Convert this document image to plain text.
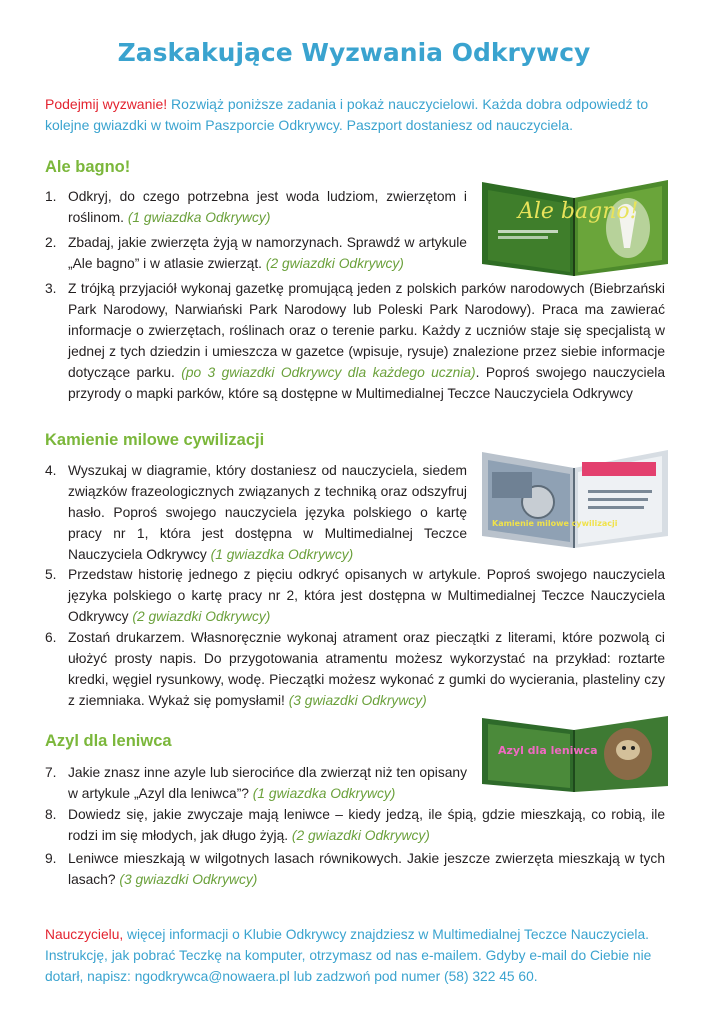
Zaskakujące Wyzwania Odkrywcy

Podejmij wyzwanie! Rozwiąż poniższe zadania i pokaż nauczycielowi. Każda dobra odpowiedź to kolejne gwiazdki w twoim Paszporcie Odkrywcy. Paszport dostaniesz od nauczyciela.

Ale bagno!
1. Odkryj, do czego potrzebna jest woda ludziom, zwierzętom i roślinom. (1 gwiazdka Odkrywcy)
2. Zbadaj, jakie zwierzęta żyją w namorzynach. Sprawdź w artykule „Ale bagno” i w atlasie zwierząt. (2 gwiazdki Odkrywcy)
3. Z trójką przyjaciół wykonaj gazetkę promującą jeden z polskich parków narodowych (Biebrzański Park Narodowy, Narwiański Park Narodowy lub Poleski Park Narodowy). Praca ma zawierać informacje o zwierzętach, roślinach oraz o terenie parku. Każdy z uczniów staje się specjalistą w jednej z tych dziedzin i umieszcza w gazetce (wpisuje, rysuje) znalezione przez siebie informacje dotyczące parku. (po 3 gwiazdki Odkrywcy dla każdego ucznia). Poproś swojego nauczyciela przyrody o mapki parków, które są dostępne w Multimedialnej Teczce Nauczyciela Odkrywcy
Ale bagno!
Kamienie milowe cywilizacji
4. Wyszukaj w diagramie, który dostaniesz od nauczyciela, siedem związków frazeologicznych związanych z techniką oraz odszyfruj hasło. Poproś swojego nauczyciela języka polskiego o kartę pracy nr 1, która jest dostępna w Multimedialnej Teczce Nauczyciela Odkrywcy (1 gwiazdka Odkrywcy)
5. Przedstaw historię jednego z pięciu odkryć opisanych w artykule. Poproś swojego nauczyciela języka polskiego o kartę pracy nr 2, która jest dostępna w Multimedialnej Teczce Nauczyciela Odkrywcy (2 gwiazdki Odkrywcy)
6. Zostań drukarzem. Własnoręcznie wykonaj atrament oraz pieczątki z literami, które pozwolą ci ułożyć prosty napis. Do przygotowania atramentu możesz wykorzystać na przykład: roztarte kredki, węgiel rysunkowy, wodę. Pieczątki możesz wykonać z gumki do wycierania, plasteliny czy z ziemniaka. Wykaż się pomysłami! (3 gwiazdki Odkrywcy)
Kamienie milowe cywilizacji
Azyl dla leniwca
7. Jakie znasz inne azyle lub sierocińce dla zwierząt niż ten opisany w artykule „Azyl dla leniwca”? (1 gwiazdka Odkrywcy)
8. Dowiedz się, jakie zwyczaje mają leniwce – kiedy jedzą, ile śpią, gdzie mieszkają, co robią, ile rodzi im się młodych, jak długo żyją. (2 gwiazdki Odkrywcy)
9. Leniwce mieszkają w wilgotnych lasach równikowych. Jakie jeszcze zwierzęta mieszkają w tych lasach? (3 gwiazdki Odkrywcy)
Azyl dla leniwca

Nauczycielu, więcej informacji o Klubie Odkrywcy znajdziesz w Multimedialnej Teczce Nauczyciela. Instrukcję, jak pobrać Teczkę na komputer, otrzymasz od nas e-mailem. Gdyby e-mail do Ciebie nie dotarł, napisz: ngodkrywca@nowaera.pl lub zadzwoń pod numer (58) 322 45 60.
